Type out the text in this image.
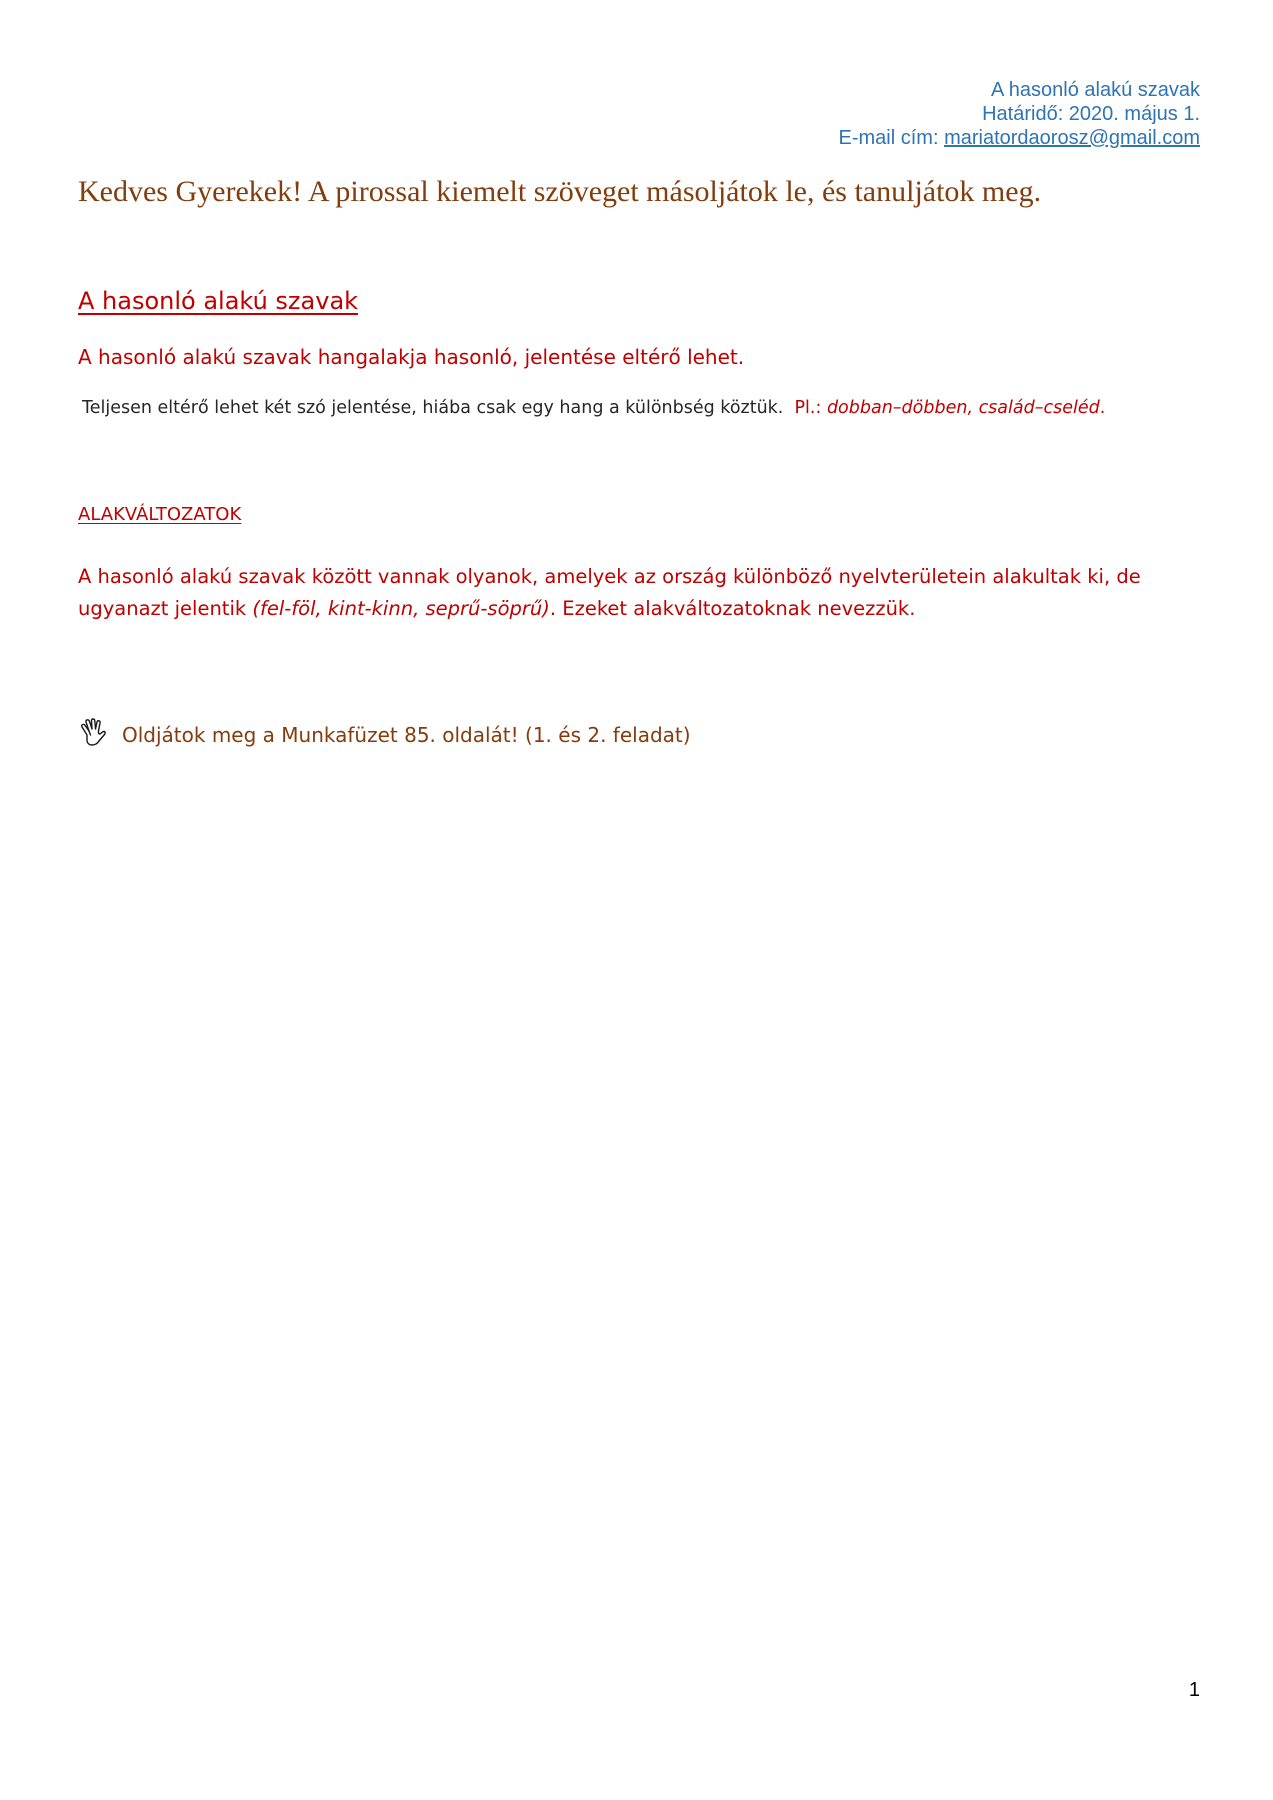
A hasonló alakú szavak
Határidő: 2020. május 1.
E-mail cím: mariatordaorosz@gmail.com
Kedves Gyerekek! A pirossal kiemelt szöveget másoljátok le, és tanuljátok meg.
A hasonló alakú szavak
A hasonló alakú szavak hangalakja hasonló, jelentése eltérő lehet.
Teljesen eltérő lehet két szó jelentése, hiába csak egy hang a különbség köztük. Pl.: dobban–döbben, család–cseléd.
ALAKVÁLTOZATOK
A hasonló alakú szavak között vannak olyanok, amelyek az ország különböző nyelvterületein alakultak ki, de ugyanazt jelentik (fel-föl, kint-kinn, seprű-söprű). Ezeket alakváltozatoknak nevezzük.
Oldjátok meg a Munkafüzet 85. oldalát! (1. és 2. feladat)
1
